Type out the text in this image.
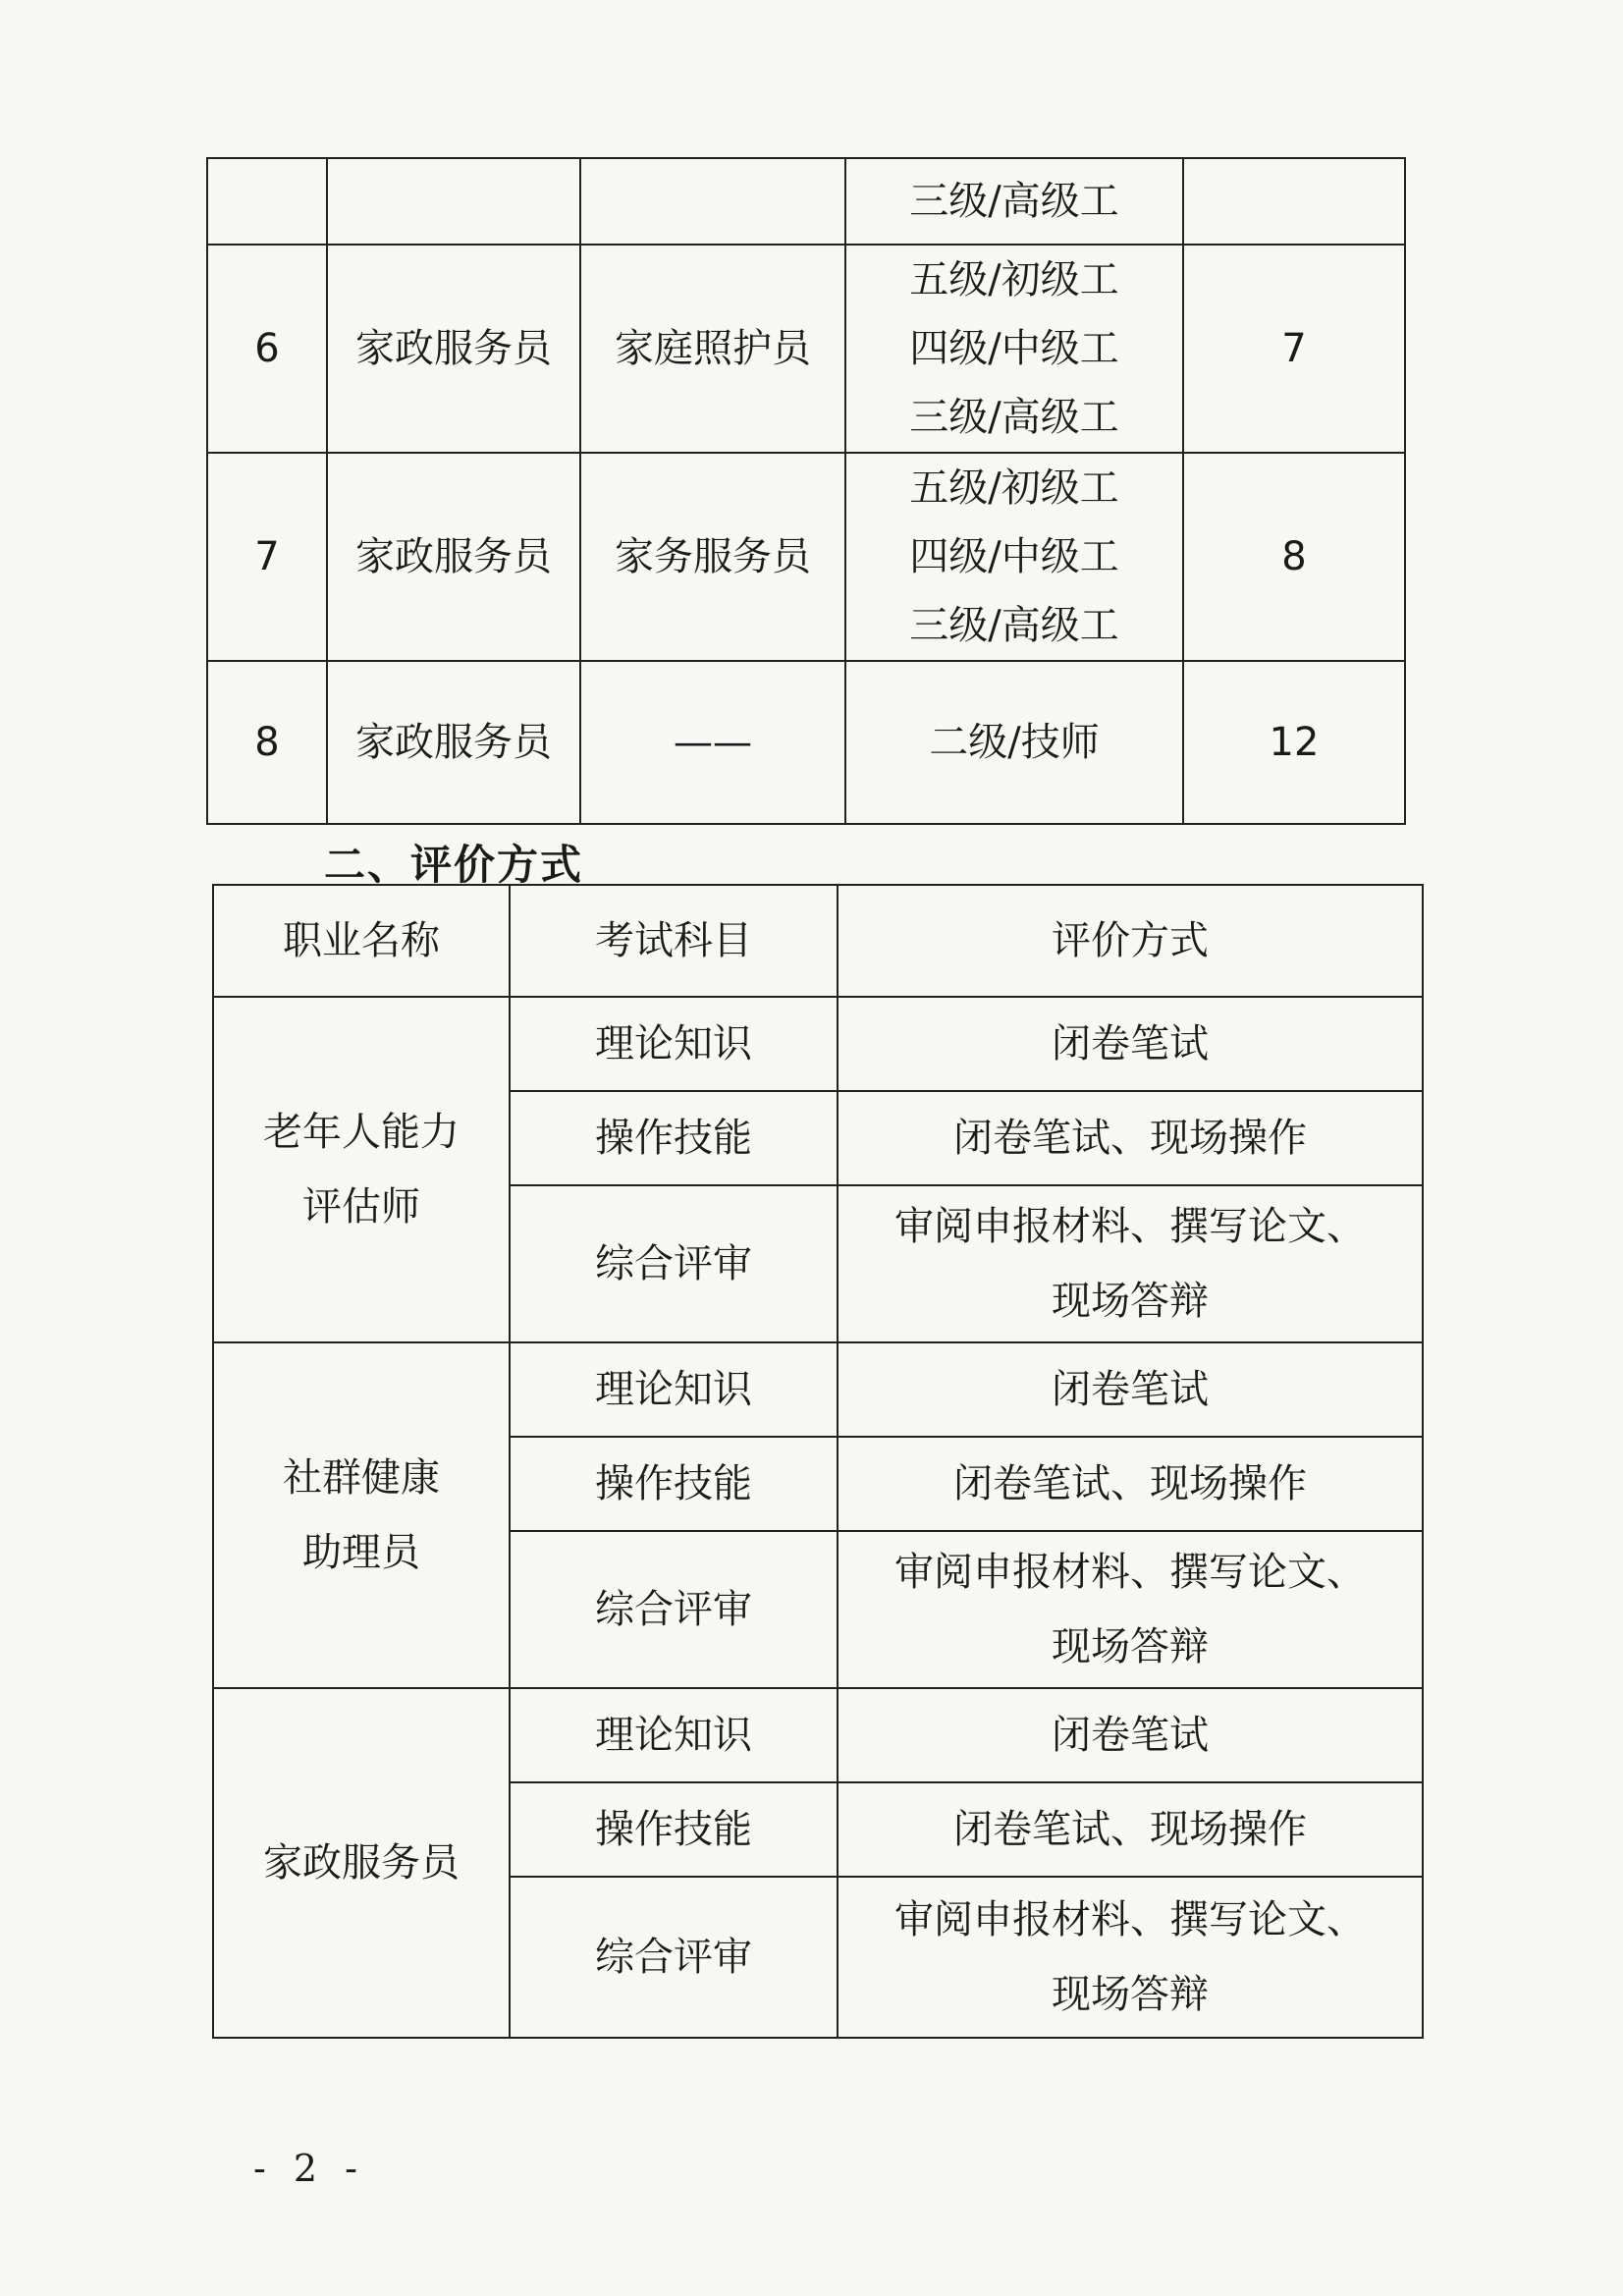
			三级/高级工	
6	家政服务员	家庭照护员	五级/初级工
四级/中级工
三级/高级工	7
7	家政服务员	家务服务员	五级/初级工
四级/中级工
三级/高级工	8
8	家政服务员	——	二级/技师	12
二、评价方式
职业名称	考试科目	评价方式

老年人能力
评估师	理论知识	闭卷笔试
	操作技能	闭卷笔试、现场操作
	综合评审	审阅申报材料、撰写论文、
现场答辩

社群健康
助理员	理论知识	闭卷笔试
	操作技能	闭卷笔试、现场操作
	综合评审	审阅申报材料、撰写论文、
现场答辩

家政服务员	理论知识	闭卷笔试
	操作技能	闭卷笔试、现场操作
	综合评审	审阅申报材料、撰写论文、
现场答辩
- 2 -
